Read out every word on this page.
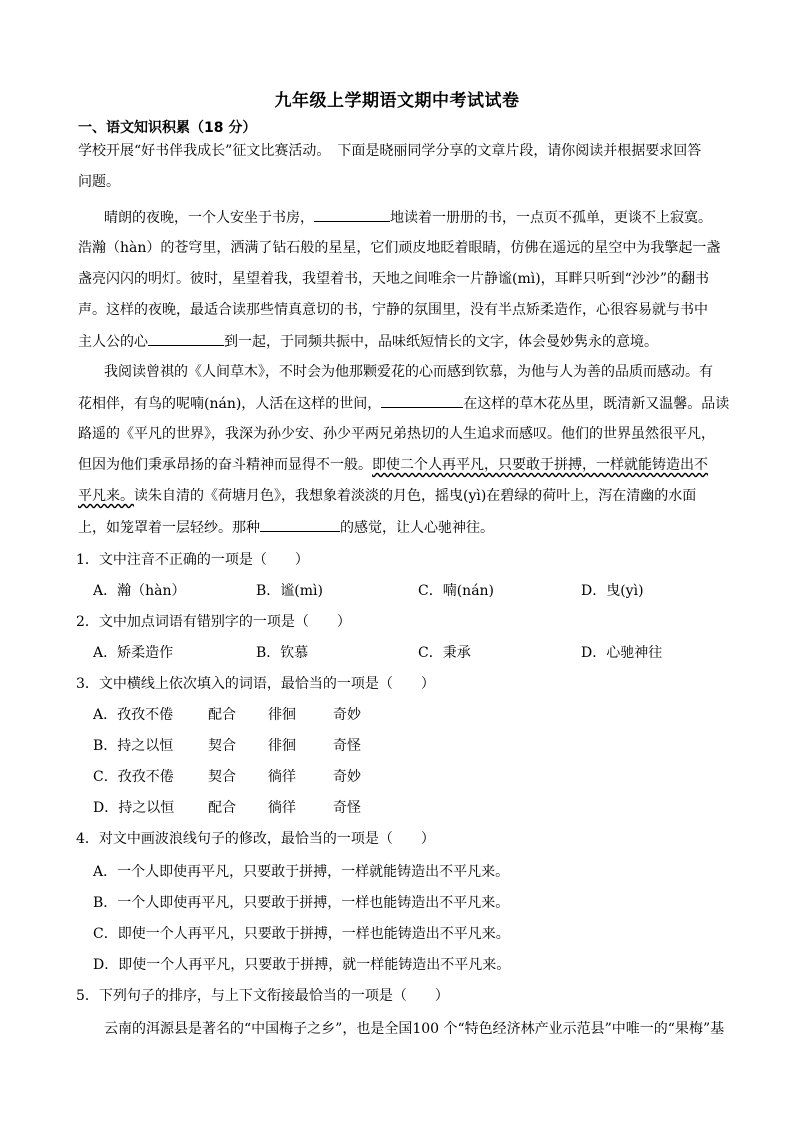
九年级上学期语文期中考试试卷
一、语文知识积累（18 分）
学校开展“好书伴我成长”征文比赛活动。　下面是晓丽同学分享的文章片段，请你阅读并根据要求回答
问题。
晴朗的夜晚，一个人安坐于书房，	地读着一册册的书，一点页不孤单，更谈不上寂寞。
浩瀚（hàn）的苍穹里，洒满了钻石般的星星，它们顽皮地眨着眼睛，仿佛在遥远的星空中为我擎起一盏
盏亮闪闪的明灯。彼时，星望着我，我望着书，天地之间唯余一片静谧(mì)，耳畔只听到“沙沙”的翻书
声。这样的夜晚，最适合读那些情真意切的书，宁静的氛围里，没有半点矫柔造作，心很容易就与书中
主人公的心	到一起，于同频共振中，品味纸短情长的文字，体会曼妙隽永的意境。
我阅读曾祺的《人间草木》，不时会为他那颗爱花的心而感到钦慕，为他与人为善的品质而感动。有
花相伴，有鸟的呢喃(nán)，人活在这样的世间，	在这样的草木花丛里，既清新又温馨。品读
路遥的《平凡的世界》，我深为孙少安、孙少平两兄弟热切的人生追求而感叹。他们的世界虽然很平凡，
但因为他们秉承昂扬的奋斗精神而显得不一般。即使二个人再平凡，只要敢于拼搏，一样就能铸造出不
平凡来。读朱自清的《荷塘月色》，我想象着淡淡的月色，摇曳(yì)在碧绿的荷叶上，泻在清幽的水面
上，如笼罩着一层轻纱。那种	的感觉，让人心驰神往。
1．文中注音不正确的一项是（　　）
A．瀚（hàn）	B．谧(mì)	C．喃(nán)	D．曳(yì)
2．文中加点词语有错别字的一项是（　　）
A．矫柔造作	B．钦慕	C．秉承	D．心驰神往
3．文中横线上依次填入的词语，最恰当的一项是（　　）
A．孜孜不倦 配合 徘徊	奇妙
B．持之以恒 契合 徘徊	奇怪
C．孜孜不倦 契合 徜徉	奇妙
D．持之以恒 配合 徜徉	奇怪
4．对文中画波浪线句子的修改，最恰当的一项是（　　）
A．一个人即使再平凡，只要敢于拼搏，一样就能铸造出不平凡来。
B．一个人即使再平凡，只要敢于拼搏，一样也能铸造出不平凡来。
C．即使一个人再平凡，只要敢于拼搏，一样也能铸造出不平凡来。
D．即使一个人再平凡，只要敢于拼搏，就一样能铸造出不平凡来。
5．下列句子的排序，与上下文衔接最恰当的一项是（　　）
云南的洱源县是著名的“中国梅子之乡”，也是全国100 个“特色经济林产业示范县”中唯一的“果梅”基
